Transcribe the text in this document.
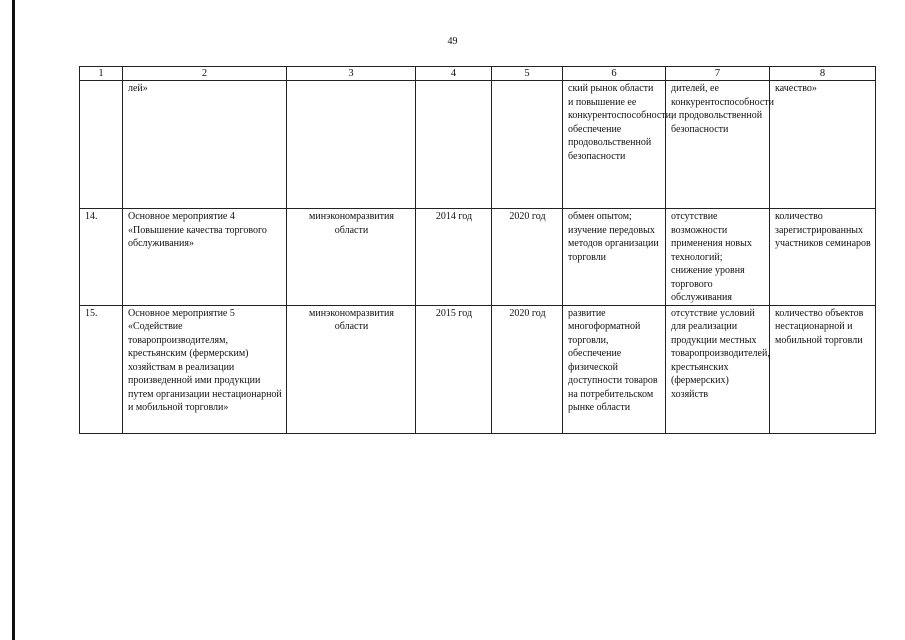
49
1	2	3	4	5	6	7	8
	лей»				ский рынок области и повышение ее конкурентоспособности, обеспечение продовольственной безопасности	дителей, ее конкурентоспособности и продовольственной безопасности	качество»
14.	Основное мероприятие 4 «Повышение качества торгового обслуживания»	минэкономразвития области	2014 год	2020 год	обмен опытом; изучение передовых методов организации торговли	отсутствие возможности применения новых технологий; снижение уровня торгового обслуживания	количество зарегистрированных участников семинаров
15.	Основное мероприятие 5 «Содействие товаропроизводителям, крестьянским (фермерским) хозяйствам в реализации произведенной ими продукции путем организации нестационарной и мобильной торговли»	минэкономразвития области	2015 год	2020 год	развитие многоформатной торговли, обеспечение физической доступности товаров на потребительском рынке области	отсутствие условий для реализации продукции местных товаропроизводителей, крестьянских (фермерских) хозяйств	количество объектов нестационарной и мобильной торговли
